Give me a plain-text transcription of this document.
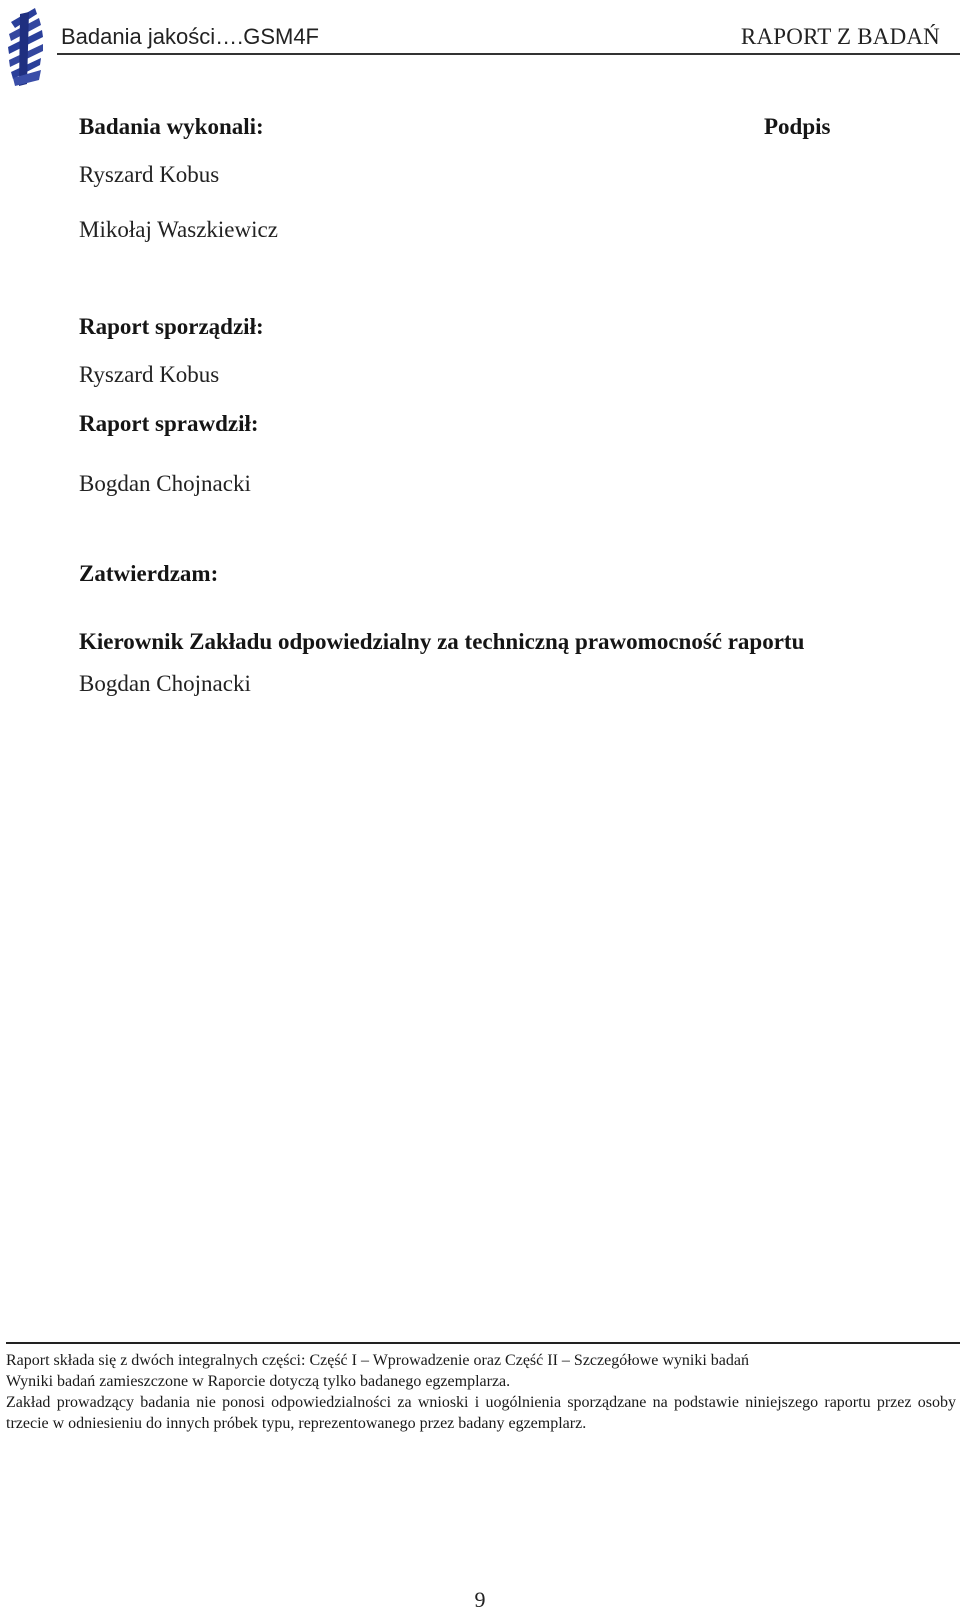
Badania jakości….GSM4F	RAPORT Z BADAŃ
Badania wykonali:	Podpis
Ryszard Kobus
Mikołaj Waszkiewicz
Raport sporządził:
Ryszard Kobus
Raport sprawdził:
Bogdan Chojnacki
Zatwierdzam:
Kierownik Zakładu odpowiedzialny za techniczną prawomocność raportu
Bogdan Chojnacki
Raport składa się z dwóch integralnych części: Część I – Wprowadzenie oraz Część II – Szczegółowe wyniki badań
Wyniki badań zamieszczone w Raporcie dotyczą tylko badanego egzemplarza.
Zakład prowadzący badania nie ponosi odpowiedzialności za wnioski i uogólnienia sporządzane na podstawie niniejszego raportu przez osoby trzecie w odniesieniu do innych próbek typu, reprezentowanego przez badany egzemplarz.
9
